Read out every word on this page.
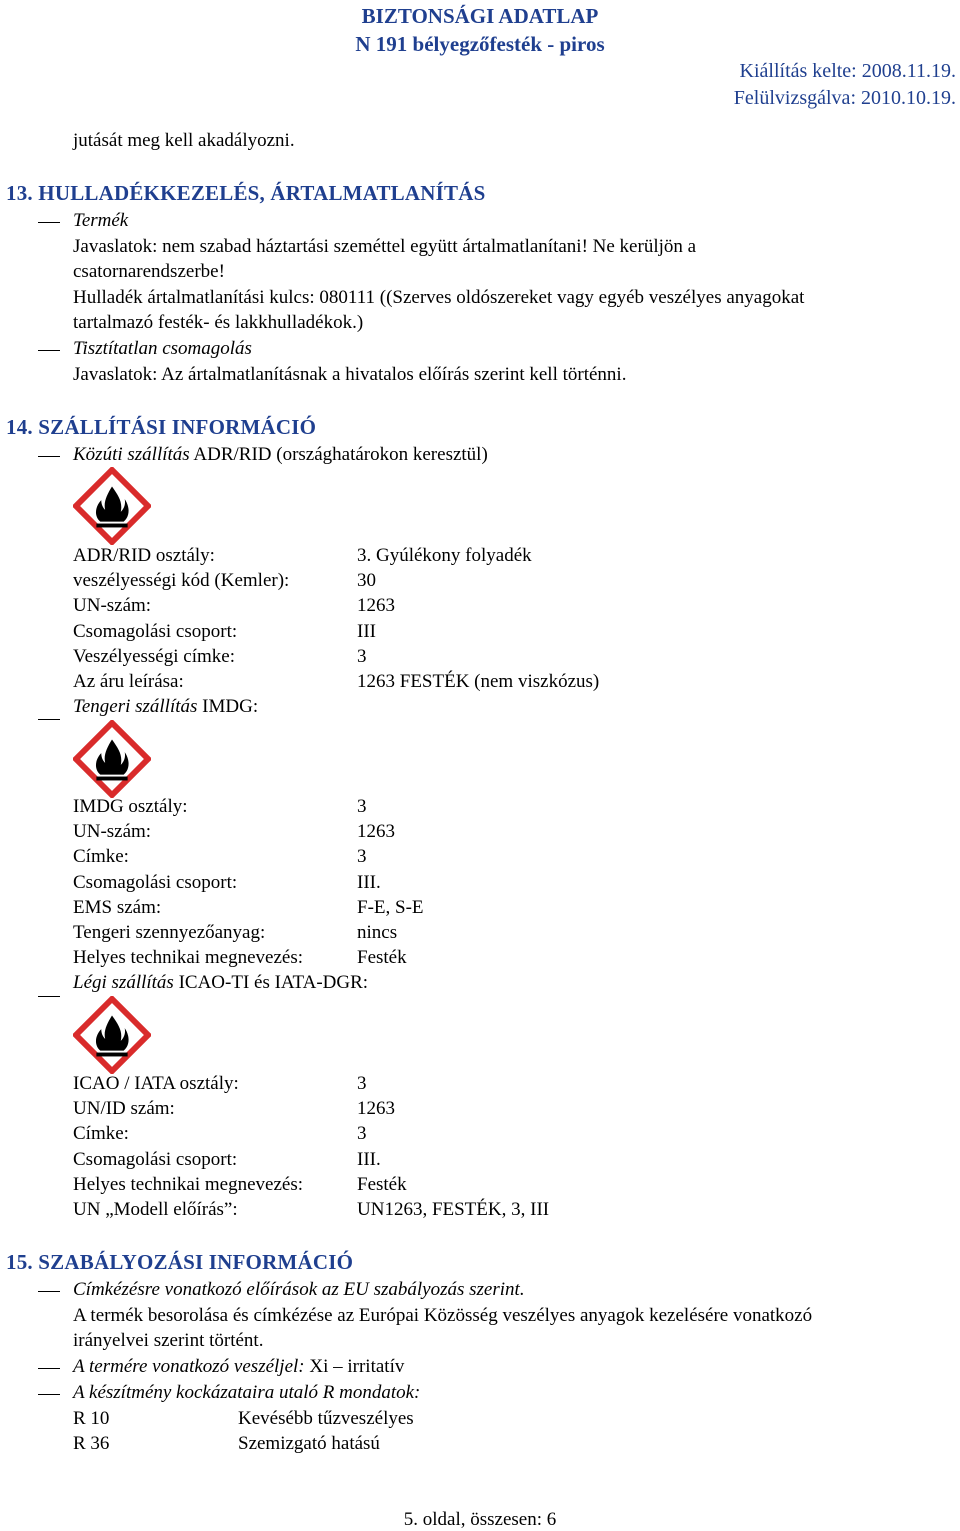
BIZTONSÁGI ADATLAP
N 191 bélyegzőfesték - piros
Kiállítás kelte: 2008.11.19.
Felülvizsgálva: 2010.10.19.
jutását meg kell akadályozni.
13. HULLADÉKKEZELÉS, ÁRTALMATLANÍTÁS
Termék
Javaslatok: nem szabad háztartási szeméttel együtt ártalmatlanítani! Ne kerüljön a
csatornarendszerbe!
Hulladék ártalmatlanítási kulcs: 080111 ((Szerves oldószereket vagy egyéb veszélyes anyagokat
tartalmazó festék- és lakkhulladékok.)
Tisztítatlan csomagolás
Javaslatok: Az ártalmatlanításnak a hivatalos előírás szerint kell történni.
14. SZÁLLÍTÁSI INFORMÁCIÓ
Közúti szállítás ADR/RID (országhatárokon keresztül)
ADR/RID osztály:	3. Gyúlékony folyadék
veszélyességi kód (Kemler):	30
UN-szám:	1263
Csomagolási csoport:	III
Veszélyességi címke:	3
Az áru leírása:	1263 FESTÉK (nem viszkózus)
Tengeri szállítás IMDG:
IMDG osztály:	3
UN-szám:	1263
Címke:	3
Csomagolási csoport:	III.
EMS szám:	F-E, S-E
Tengeri szennyezőanyag:	nincs
Helyes technikai megnevezés:	Festék
Légi szállítás ICAO-TI és IATA-DGR:
ICAO / IATA osztály:	3
UN/ID szám:	1263
Címke:	3
Csomagolási csoport:	III.
Helyes technikai megnevezés:	Festék
UN „Modell előírás”:	UN1263, FESTÉK, 3, III
15. SZABÁLYOZÁSI INFORMÁCIÓ
Címkézésre vonatkozó előírások az EU szabályozás szerint.
A termék besorolása és címkézése az Európai Közösség veszélyes anyagok kezelésére vonatkozó
irányelvei szerint történt.
A termére vonatkozó veszéljel: Xi – irritatív
A készítmény kockázataira utaló R mondatok:
R 10	Kevésébb tűzveszélyes
R 36	Szemizgató hatású
5. oldal, összesen: 6
